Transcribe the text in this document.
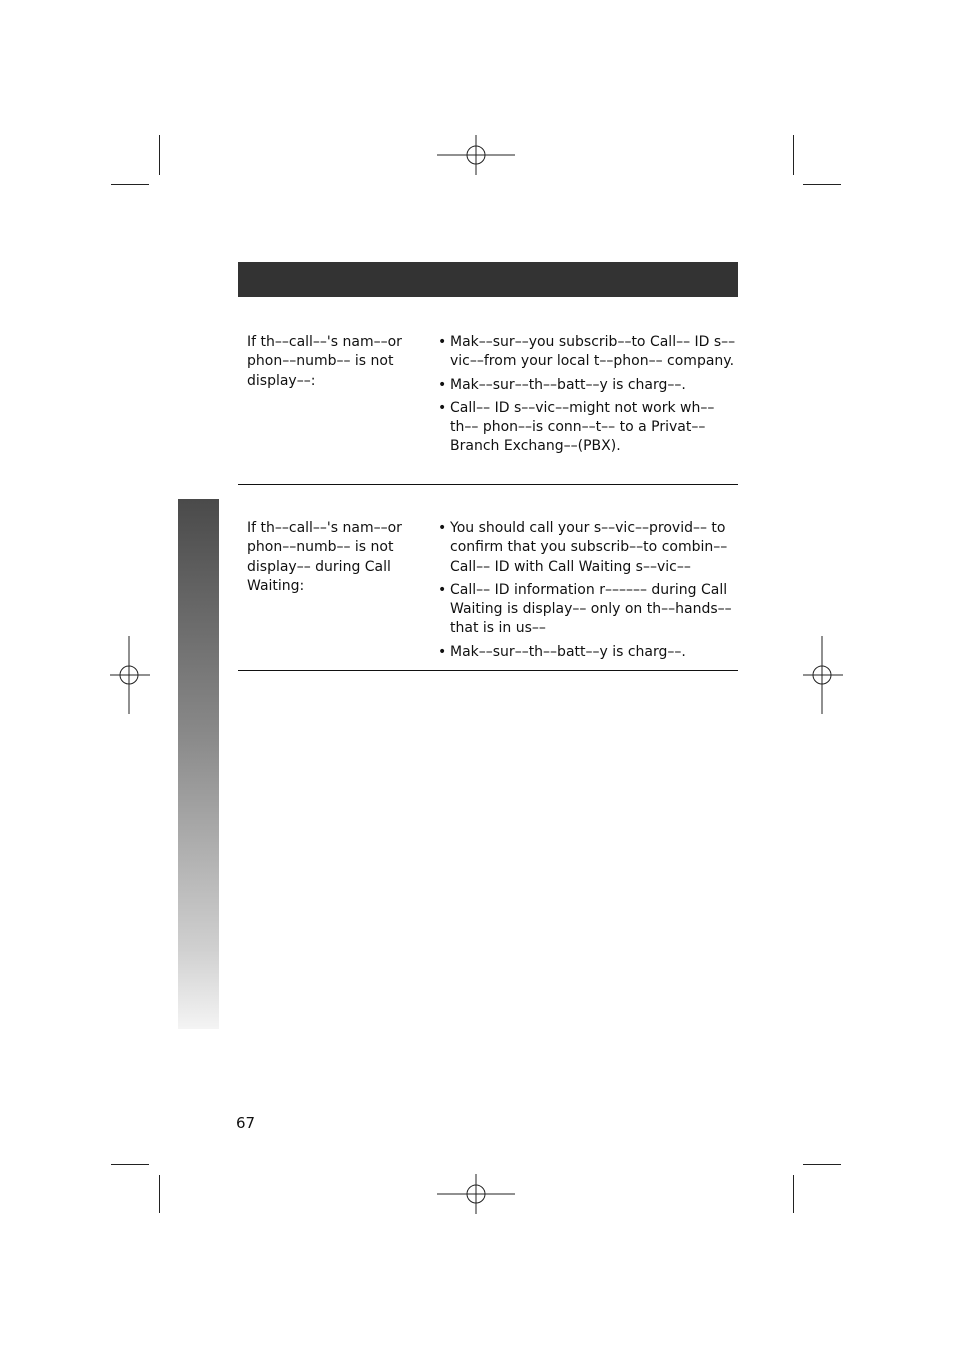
If th––call––'s nam––or phon––numb–– is not display––:
• Mak––sur––you subscrib––to Call–– ID s––vic––from your local t––phon–– company.
• Mak––sur––th––batt––y is charg––.
• Call–– ID s––vic––might not work wh–– th–– phon––is conn––t–– to a Privat––Branch Exchang––(PBX).
If th––call––'s nam––or phon––numb–– is not display–– during Call Waiting:
• You should call your s––vic––provid–– to confirm that you subscrib––to combin–– Call–– ID with Call Waiting s––vic––
• Call–– ID information r–––––– during Call Waiting is display–– only on th––hands–– that is in us––
• Mak––sur––th––batt––y is charg––.
67
